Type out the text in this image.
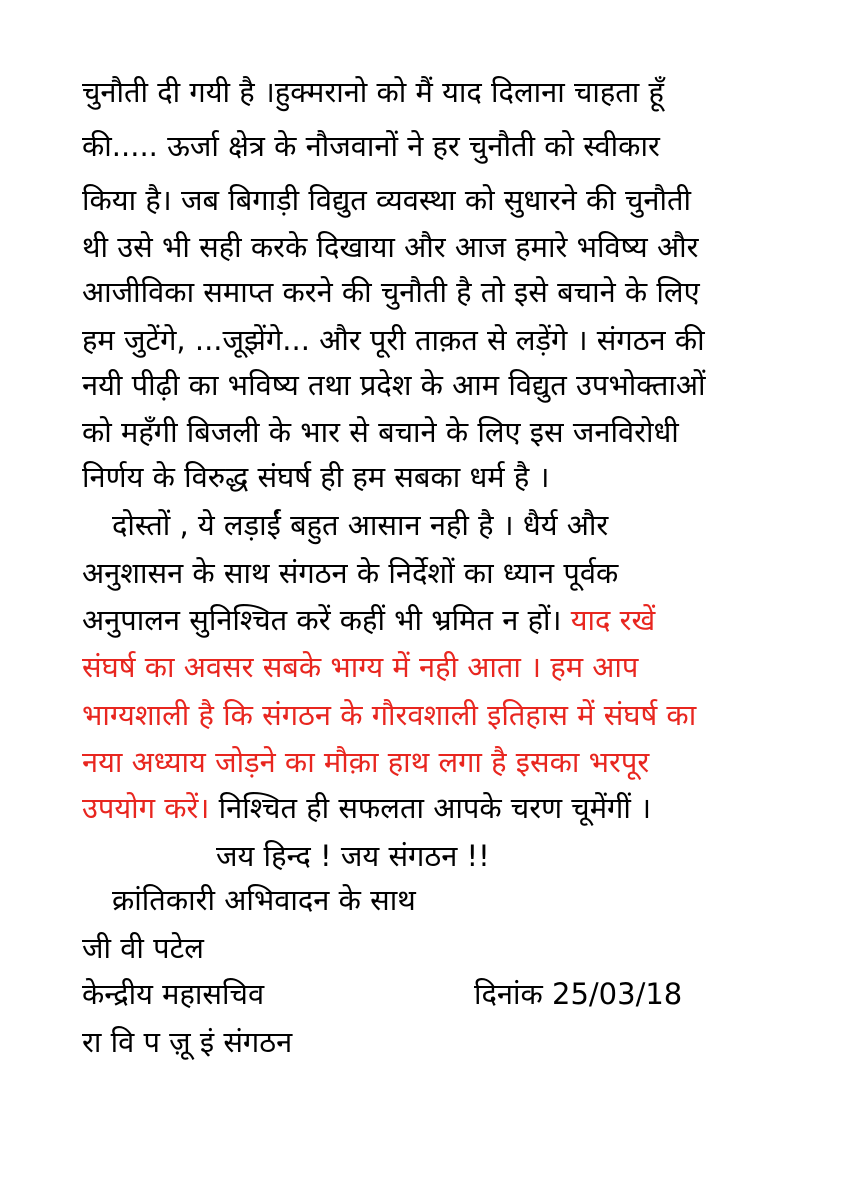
चुनौती दी गयी है ।हुक्मरानो को मैं याद दिलाना चाहता हूँ
की..... ऊर्जा क्षेत्र के नौजवानों ने हर चुनौती को स्वीकार
किया है। जब बिगाड़ी विद्युत व्यवस्था को सुधारने की चुनौती
थी उसे भी सही करके दिखाया और आज हमारे भविष्य और
आजीविका समाप्त करने की चुनौती है तो इसे बचाने के लिए
हम जुटेंगे, ...जूझेंगे... और पूरी ताक़त से लड़ेंगे । संगठन की
नयी पीढ़ी का भविष्य तथा प्रदेश के आम विद्युत उपभोक्ताओं
को महँगी बिजली के भार से बचाने के लिए इस जनविरोधी
निर्णय के विरुद्ध संघर्ष ही हम सबका धर्म है ।
दोस्तों , ये लड़ाईं बहुत आसान नही है । धैर्य और
अनुशासन के साथ संगठन के निर्देशों का ध्यान पूर्वक
अनुपालन सुनिश्चित करें कहीं भी भ्रमित न हों। याद रखें
संघर्ष का अवसर सबके भाग्य में नही आता । हम आप
भाग्यशाली है कि संगठन के गौरवशाली इतिहास में संघर्ष का
नया अध्याय जोड़ने का मौक़ा हाथ लगा है इसका भरपूर
उपयोग करें। निश्चित ही सफलता आपके चरण चूमेंगीं ।
जय हिन्द ! जय संगठन !!
क्रांतिकारी अभिवादन के साथ
जी वी पटेल
केन्द्रीय महासचिव	दिनांक 25/03/18
रा वि प ज़ू इं संगठन
